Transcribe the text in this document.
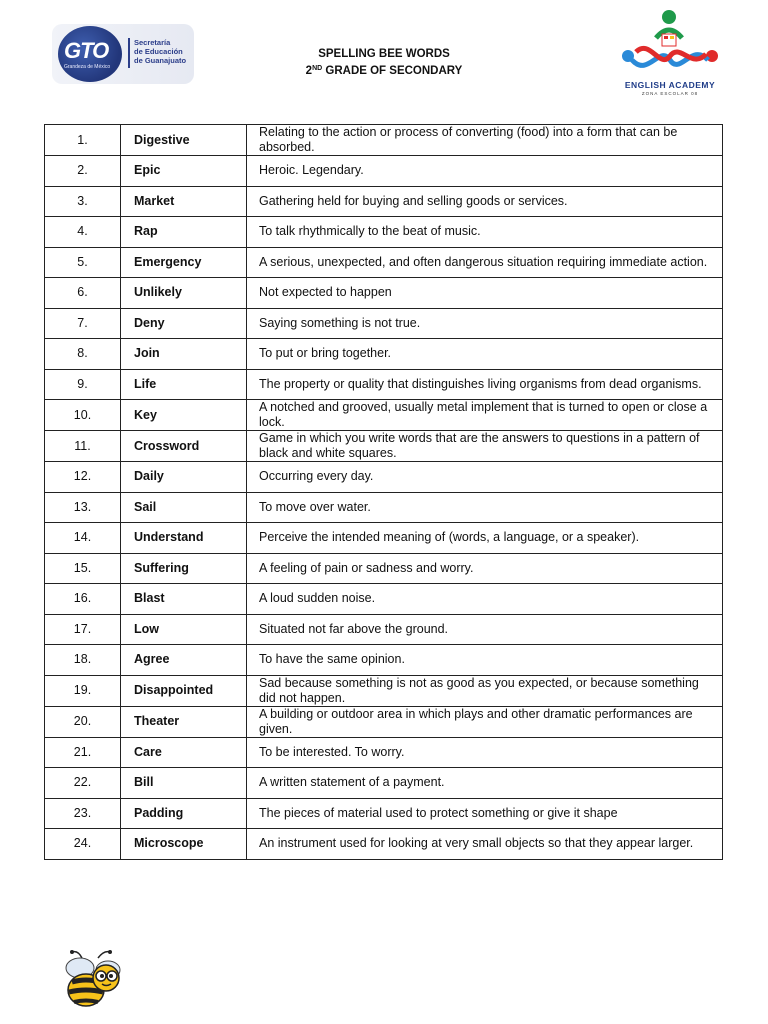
GTO
Grandeza de México
Secretaría
de Educación
de Guanajuato
SPELLING BEE WORDS
2ND GRADE OF SECONDARY
ENGLISH ACADEMY
ZONA ESCOLAR 08
1.	Digestive	Relating to the action or process of converting (food) into a form that can be absorbed.
2.	Epic	Heroic. Legendary.
3.	Market	Gathering held for buying and selling goods or services.
4.	Rap	To talk rhythmically to the beat of music.
5.	Emergency	A serious, unexpected, and often dangerous situation requiring immediate action.
6.	Unlikely	Not expected to happen
7.	Deny	Saying something is not true.
8.	Join	To put or bring together.
9.	Life	The property or quality that distinguishes living organisms from dead organisms.
10.	Key	A notched and grooved, usually metal implement that is turned to open or close a lock.
11.	Crossword	Game in which you write words that are the answers to questions in a pattern of black and white squares.
12.	Daily	Occurring every day.
13.	Sail	To move over water.
14.	Understand	Perceive the intended meaning of (words, a language, or a speaker).
15.	Suffering	A feeling of pain or sadness and worry.
16.	Blast	A loud sudden noise.
17.	Low	Situated not far above the ground.
18.	Agree	To have the same opinion.
19.	Disappointed	Sad because something is not as good as you expected, or because something did not happen.
20.	Theater	A building or outdoor area in which plays and other dramatic performances are given.
21.	Care	To be interested. To worry.
22.	Bill	A written statement of a payment.
23.	Padding	The pieces of material used to protect something or give it shape
24.	Microscope	An instrument used for looking at very small objects so that they appear larger.
